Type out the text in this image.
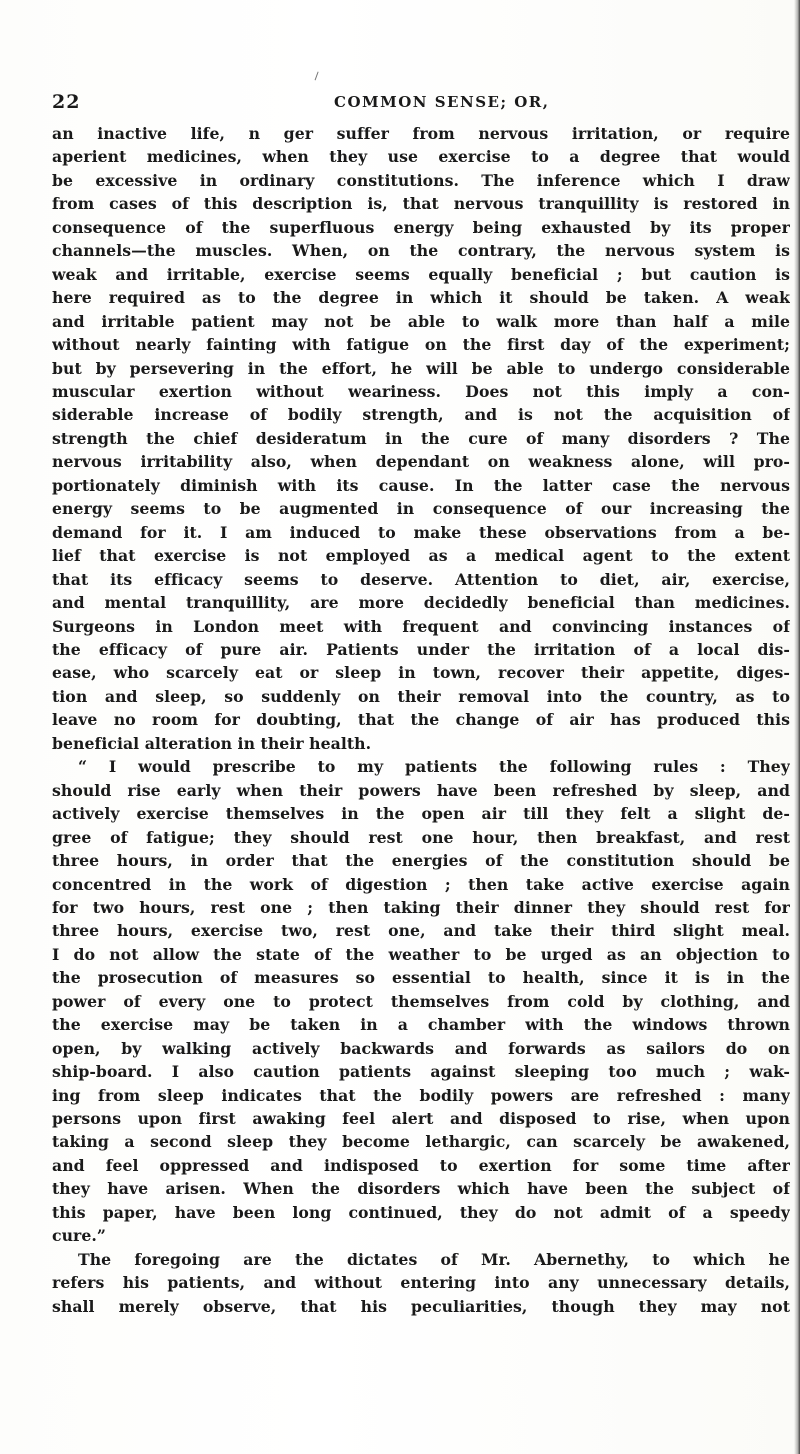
22	COMMON SENSE; OR,
an inactive life, n ger suffer from nervous irritation, or require
aperient medicines, when they use exercise to a degree that would
be excessive in ordinary constitutions. The inference which I draw
from cases of this description is, that nervous tranquillity is restored in
consequence of the superfluous energy being exhausted by its proper
channels—the muscles. When, on the contrary, the nervous system is
weak and irritable, exercise seems equally beneficial ; but caution is
here required as to the degree in which it should be taken. A weak
and irritable patient may not be able to walk more than half a mile
without nearly fainting with fatigue on the first day of the experiment;
but by persevering in the effort, he will be able to undergo considerable
muscular exertion without weariness. Does not this imply a con-
siderable increase of bodily strength, and is not the acquisition of
strength the chief desideratum in the cure of many disorders ? The
nervous irritability also, when dependant on weakness alone, will pro-
portionately diminish with its cause. In the latter case the nervous
energy seems to be augmented in consequence of our increasing the
demand for it. I am induced to make these observations from a be-
lief that exercise is not employed as a medical agent to the extent
that its efficacy seems to deserve. Attention to diet, air, exercise,
and mental tranquillity, are more decidedly beneficial than medicines.
Surgeons in London meet with frequent and convincing instances of
the efficacy of pure air. Patients under the irritation of a local dis-
ease, who scarcely eat or sleep in town, recover their appetite, diges-
tion and sleep, so suddenly on their removal into the country, as to
leave no room for doubting, that the change of air has produced this
beneficial alteration in their health.
“ I would prescribe to my patients the following rules : They
should rise early when their powers have been refreshed by sleep, and
actively exercise themselves in the open air till they felt a slight de-
gree of fatigue; they should rest one hour, then breakfast, and rest
three hours, in order that the energies of the constitution should be
concentred in the work of digestion ; then take active exercise again
for two hours, rest one ; then taking their dinner they should rest for
three hours, exercise two, rest one, and take their third slight meal.
I do not allow the state of the weather to be urged as an objection to
the prosecution of measures so essential to health, since it is in the
power of every one to protect themselves from cold by clothing, and
the exercise may be taken in a chamber with the windows thrown
open, by walking actively backwards and forwards as sailors do on
ship-board. I also caution patients against sleeping too much ; wak-
ing from sleep indicates that the bodily powers are refreshed : many
persons upon first awaking feel alert and disposed to rise, when upon
taking a second sleep they become lethargic, can scarcely be awakened,
and feel oppressed and indisposed to exertion for some time after
they have arisen. When the disorders which have been the subject of
this paper, have been long continued, they do not admit of a speedy
cure.”
The foregoing are the dictates of Mr. Abernethy, to which he
refers his patients, and without entering into any unnecessary details,
shall merely observe, that his peculiarities, though they may not
